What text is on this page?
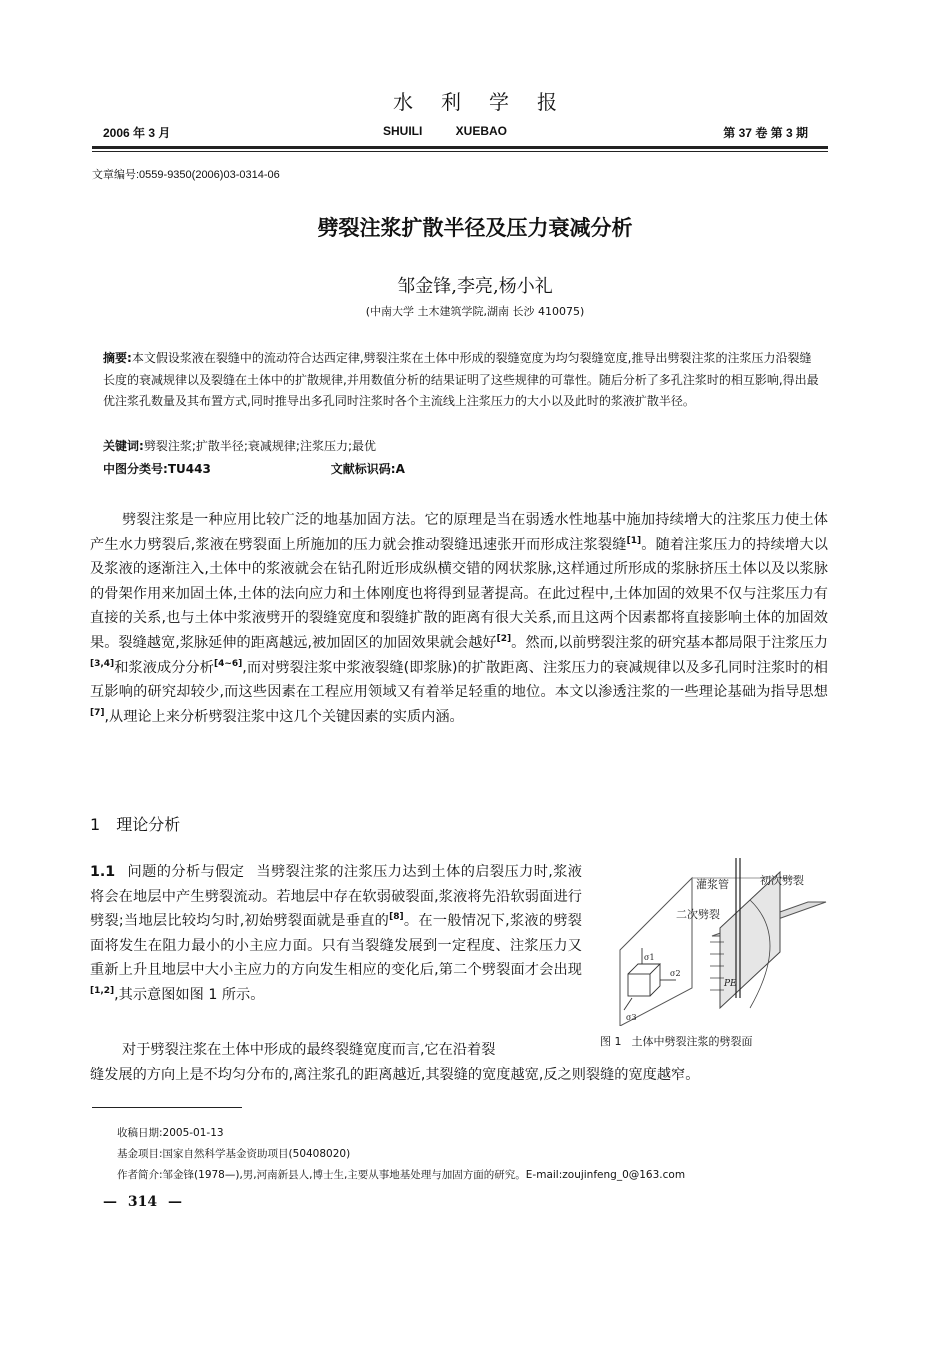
水利学报
2006 年 3 月	SHUILI XUEBAO	第 37 卷 第 3 期
文章编号:0559-9350(2006)03-0314-06
劈裂注浆扩散半径及压力衰减分析
邹金锋,李亮,杨小礼
(中南大学 土木建筑学院,湖南 长沙 410075)
摘要:本文假设浆液在裂缝中的流动符合达西定律,劈裂注浆在土体中形成的裂缝宽度为均匀裂缝宽度,推导出劈裂注浆的注浆压力沿裂缝长度的衰减规律以及裂缝在土体中的扩散规律,并用数值分析的结果证明了这些规律的可靠性。随后分析了多孔注浆时的相互影响,得出最优注浆孔数量及其布置方式,同时推导出多孔同时注浆时各个主流线上注浆压力的大小以及此时的浆液扩散半径。
关键词:劈裂注浆;扩散半径;衰减规律;注浆压力;最优
中图分类号:TU443	文献标识码:A
劈裂注浆是一种应用比较广泛的地基加固方法。它的原理是当在弱透水性地基中施加持续增大的注浆压力使土体产生水力劈裂后,浆液在劈裂面上所施加的压力就会推动裂缝迅速张开而形成注浆裂缝[1]。随着注浆压力的持续增大以及浆液的逐渐注入,土体中的浆液就会在钻孔附近形成纵横交错的网状浆脉,这样通过所形成的浆脉挤压土体以及以浆脉的骨架作用来加固土体,土体的法向应力和土体刚度也将得到显著提高。在此过程中,土体加固的效果不仅与注浆压力有直接的关系,也与土体中浆液劈开的裂缝宽度和裂缝扩散的距离有很大关系,而且这两个因素都将直接影响土体的加固效果。裂缝越宽,浆脉延伸的距离越远,被加固区的加固效果就会越好[2]。然而,以前劈裂注浆的研究基本都局限于注浆压力[3,4]和浆液成分分析[4~6],而对劈裂注浆中浆液裂缝(即浆脉)的扩散距离、注浆压力的衰减规律以及多孔同时注浆时的相互影响的研究却较少,而这些因素在工程应用领域又有着举足轻重的地位。本文以渗透注浆的一些理论基础为指导思想[7],从理论上来分析劈裂注浆中这几个关键因素的实质内涵。
1 理论分析
1.1 问题的分析与假定 当劈裂注浆的注浆压力达到土体的启裂压力时,浆液将会在地层中产生劈裂流动。若地层中存在软弱破裂面,浆液将先沿软弱面进行劈裂;当地层比较均匀时,初始劈裂面就是垂直的[8]。在一般情况下,浆液的劈裂面将发生在阻力最小的小主应力面。只有当裂缝发展到一定程度、注浆压力又重新上升且地层中大小主应力的方向发生相应的变化后,第二个劈裂面才会出现[1,2],其示意图如图 1 所示。
对于劈裂注浆在土体中形成的最终裂缝宽度而言,它在沿着裂
缝发展的方向上是不均匀分布的,离注浆孔的距离越近,其裂缝的宽度越宽,反之则裂缝的宽度越窄。
灌浆管	初次劈裂
二次劈裂
σ1
σ2
σ3
PE
图 1 土体中劈裂注浆的劈裂面
收稿日期:2005-01-13
基金项目:国家自然科学基金资助项目(50408020)
作者简介:邹金锋(1978—),男,河南新县人,博士生,主要从事地基处理与加固方面的研究。E-mail:zoujinfeng_0@163.com
— 314 —
